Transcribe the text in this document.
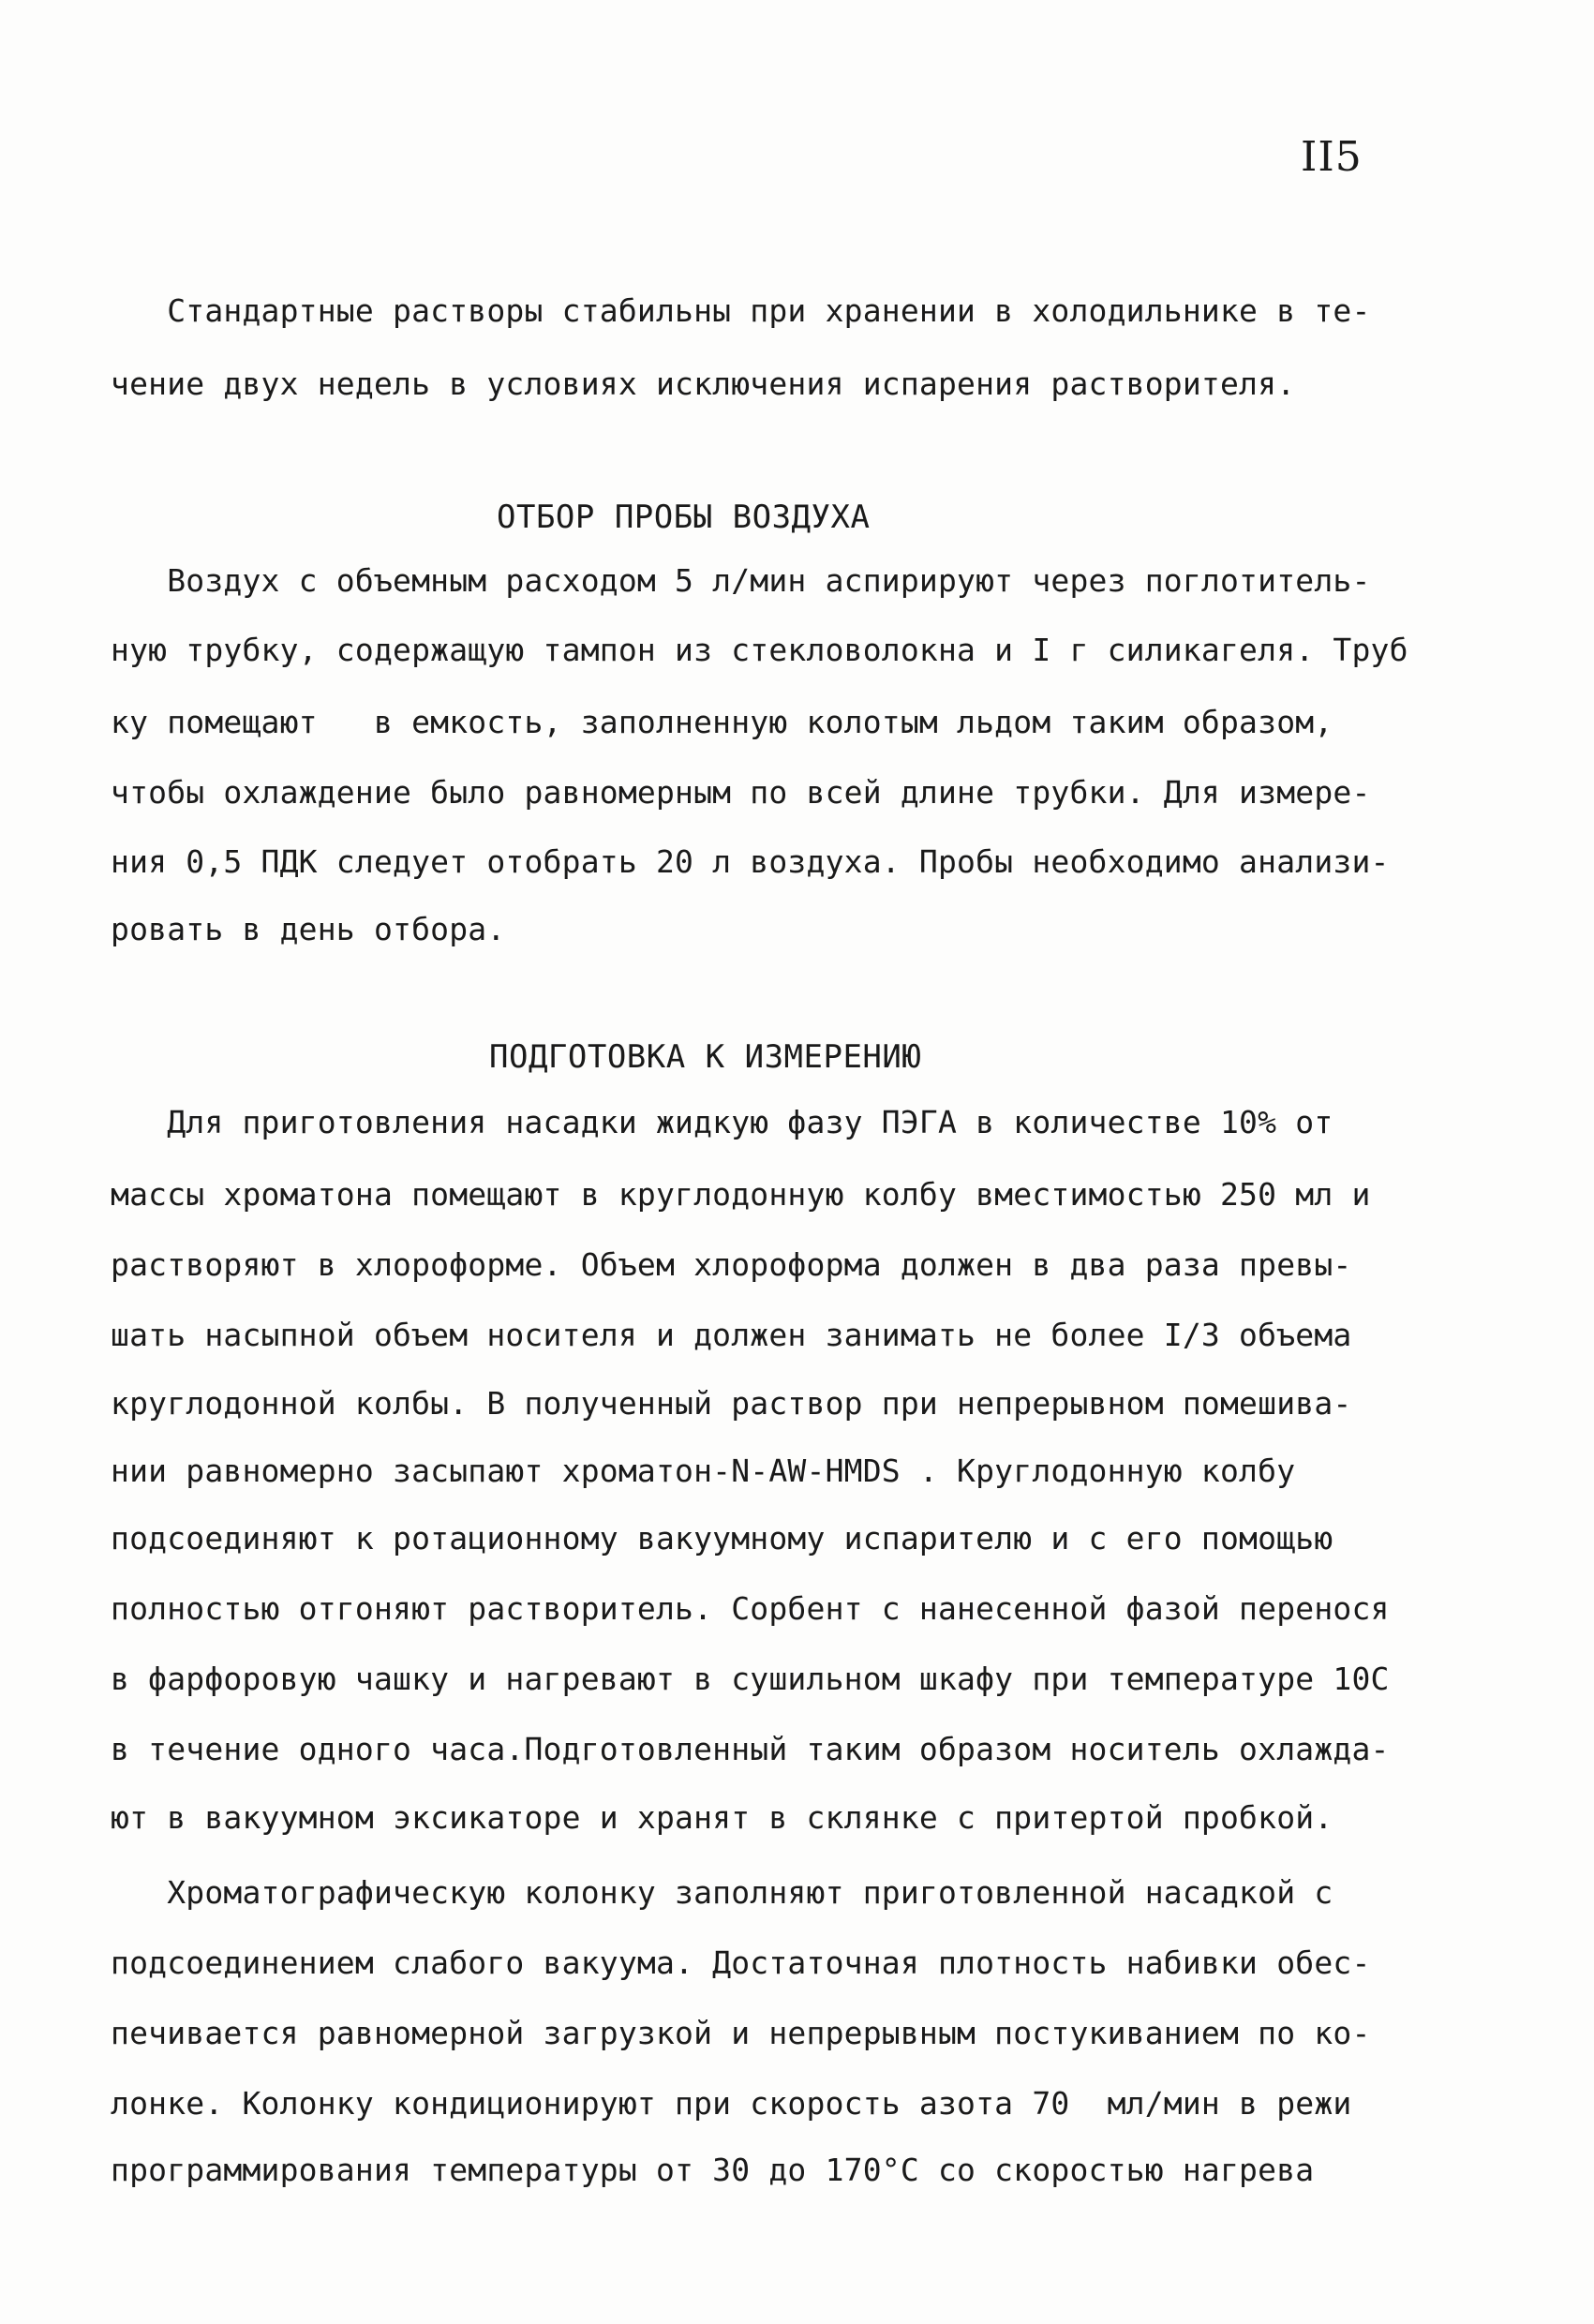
II5
Стандартные растворы стабильны при хранении в холодильнике в те-
чение двух недель в условиях исключения испарения растворителя.
ОТБОР ПРОБЫ ВОЗДУХА
Воздух с объемным расходом 5 л/мин аспирируют через поглотитель-
ную трубку, содержащую тампон из стекловолокна и I г силикагеля. Труб
ку помещают   в емкость, заполненную колотым льдом таким образом,
чтобы охлаждение было равномерным по всей длине трубки. Для измере-
ния 0,5 ПДК следует отобрать 20 л воздуха. Пробы необходимо анализи-
ровать в день отбора.
ПОДГОТОВКА К ИЗМЕРЕНИЮ
Для приготовления насадки жидкую фазу ПЭГА в количестве 10% от
массы хроматона помещают в круглодонную колбу вместимостью 250 мл и
растворяют в хлороформе. Объем хлороформа должен в два раза превы-
шать насыпной объем носителя и должен занимать не более I/3 объема
круглодонной колбы. В полученный раствор при непрерывном помешива-
нии равномерно засыпают хроматон-N-AW-HMDS . Круглодонную колбу
подсоединяют к ротационному вакуумному испарителю и с его помощью
полностью отгоняют растворитель. Сорбент с нанесенной фазой перенося
в фарфоровую чашку и нагревают в сушильном шкафу при температуре 10С
в течение одного часа.Подготовленный таким образом носитель охлажда-
ют в вакуумном эксикаторе и хранят в склянке с притертой пробкой.
Хроматографическую колонку заполняют приготовленной насадкой с
подсоединением слабого вакуума. Достаточная плотность набивки обес-
печивается равномерной загрузкой и непрерывным постукиванием по ко-
лонке. Колонку кондиционируют при скорость азота 70  мл/мин в режи
программирования температуры от 30 до 170°С со скоростью нагрева
